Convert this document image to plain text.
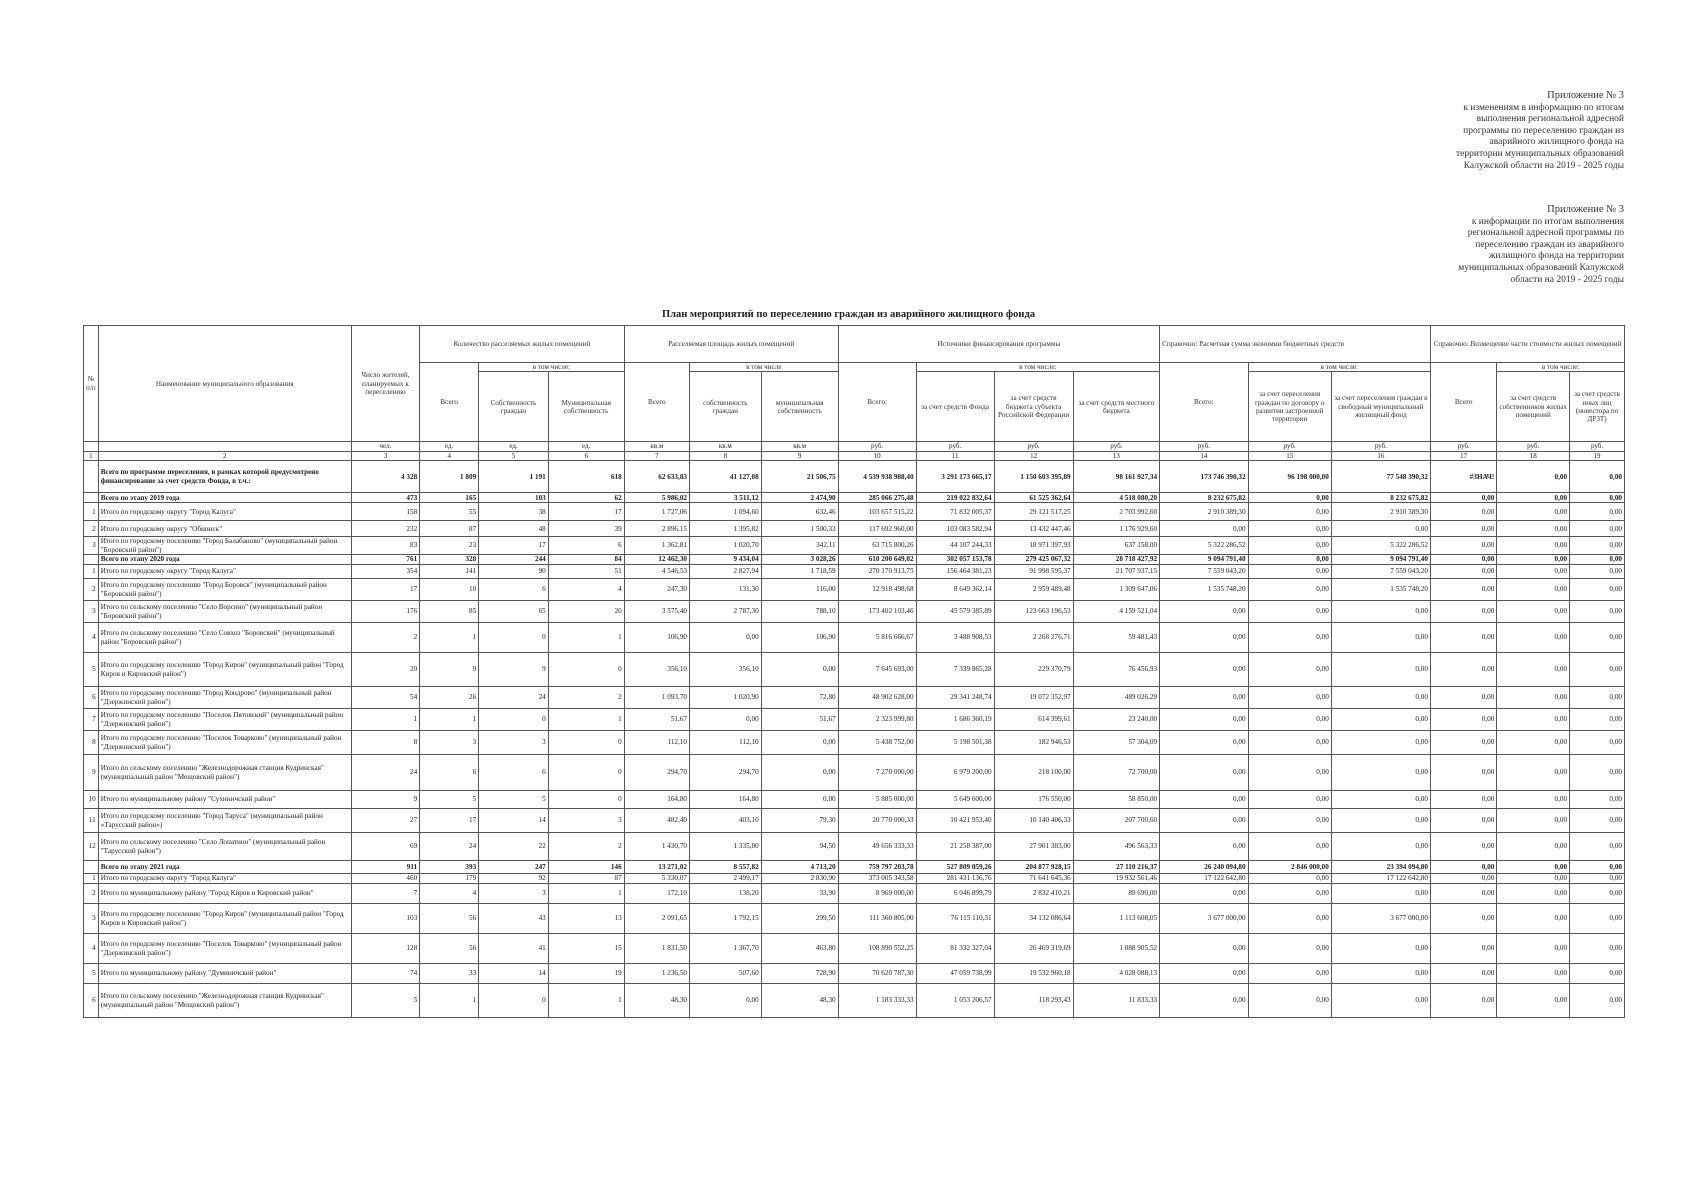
Приложение № 3
к изменениям в информацию по итогам
выполнения региональной адресной
программы по переселению граждан из
аварийного жилищного фонда на
территории муниципальных образований
Калужской области на 2019 - 2025 годы
Приложение № 3
к информации по итогам выполнения
региональной адресной программы по
переселению граждан из аварийного
жилищного фонда на территории
муниципальных образований Калужской
области на 2019 - 2025 годы
План мероприятий по переселению граждан из аварийного жилищного фонда
№ п/п	Наименование муниципального образования	Число жителей, планируемых к переселению	Количество расселяемых жилых помещений			Расселяемая площадь жилых помещений			Источники финансирования программы				Справочно: Расчетная сумма экономии бюджетных средств			Справочно: Возмещение части стоимости жилых помещений		
			Всего	в том числе:		Всего	в том числе		Всего:	в том числе:			Всего:	в том числе:		Всего	в том числе:	
				Собственность граждан	Муниципальная собственность		собственность граждан	муниципальная собственность		за счет средств Фонда	за счет средств бюджета субъекта Российской Федерации	за счет средств местного бюджета		за счет переселения граждан по договору о развитии застроенной территории	за счет переселения граждан в свободный муниципальный жилищный фонд		за счет средств собственников жилых помещений	за счет средств иных лиц (инвестора по ДРЗТ)
		чел.	ед.	ед.	ед.	кв.м	кв.м	кв.м	руб.	руб.	руб.	руб.	руб.	руб.	руб.	руб.	руб.	руб.
1	2	3	4	5	6	7	8	9	10	11	12	13	14	15	16	17	18	19
	Всего по программе переселения, в рамках которой предусмотрено финансирование за счет средств Фонда, в т.ч.:	4 328	1 809	1 191	618	62 633,83	41 127,08	21 506,75	4 539 938 988,40	3 291 173 665,17	1 150 603 395,89	98 161 927,34	173 746 390,32	96 198 000,00	77 548 390,32	#ЗНАЧ!	0,00	0,00
	Всего по этапу 2019 года	473	165	103	62	5 986,02	3 511,12	2 474,90	285 066 275,48	219 022 832,64	61 525 362,64	4 518 080,20	8 232 675,82	0,00	8 232 675,82	0,00	0,00	0,00
1	Итого по городскому округу "Город Калуга"	158	55	38	17	1 727,06	1 094,60	632,46	103 657 515,22	71 832 005,37	29 121 517,25	2 703 992,60	2 910 389,30	0,00	2 910 389,30	0,00	0,00	0,00
2	Итого по городскому округу "Обнинск"	232	87	48	39	2 896,15	1 395,82	1 500,33	117 692 960,00	103 083 582,94	13 432 447,46	1 176 929,60	0,00	0,00	0,00	0,00	0,00	0,00
3	Итого по городскому поселению "Город Балабаново" (муниципальный район "Боровский район")	83	23	17	6	1 362,81	1 020,70	342,11	63 715 800,26	44 107 244,33	18 971 397,93	637 158,00	5 322 286,52	0,00	5 322 286,52	0,00	0,00	0,00
	Всего по этапу 2020 года	761	328	244	84	12 462,30	9 434,04	3 028,26	610 200 649,02	302 057 153,78	279 425 067,32	28 718 427,92	9 094 791,40	0,00	9 094 791,40	0,00	0,00	0,00
1	Итого по городскому округу "Город Калуга"	354	141	90	51	4 546,53	2 827,94	1 718,59	270 170 913,75	156 464 381,23	91 998 595,37	21 707 937,15	7 559 043,20	0,00	7 559 043,20	0,00	0,00	0,00
2	Итого по городскому поселению "Город Боровск" (муниципальный район "Боровский район")	17	10	6	4	247,30	131,30	116,00	12 918 498,68	8 649 362,14	2 959 489,48	1 309 647,06	1 535 748,20	0,00	1 535 748,20	0,00	0,00	0,00
3	Итого по сельскому поселению "Село Ворсино" (муниципальный район "Боровский район")	176	85	65	20	3 575,40	2 787,30	788,10	173 402 103,46	45 579 385,89	123 663 196,53	4 159 521,04	0,00	0,00	0,00	0,00	0,00	0,00
4	Итого по сельскому поселению "Село Совхоз "Боровский" (муниципальный район "Боровский район")	2	1	0	1	106,90	0,00	106,90	5 816 666,67	3 488 908,53	2 268 276,71	59 481,43	0,00	0,00	0,00	0,00	0,00	0,00
5	Итого по городскому поселению "Город Киров" (муниципальный район "Город Киров и Кировский район")	20	9	9	0	356,10	356,10	0,00	7 645 693,00	7 339 865,28	229 370,79	76 456,93	0,00	0,00	0,00	0,00	0,00	0,00
6	Итого по городскому поселению "Город Кондрово" (муниципальный район "Дзержинский район")	54	26	24	2	1 093,70	1 020,90	72,80	48 902 628,00	29 341 248,74	19 072 352,97	489 026,29	0,00	0,00	0,00	0,00	0,00	0,00
7	Итого по городскому поселению "Поселок Пятовский" (муниципальный район "Дзержинский район")	1	1	0	1	51,67	0,00	51,67	2 323 999,80	1 686 360,19	614 399,61	23 240,00	0,00	0,00	0,00	0,00	0,00	0,00
8	Итого по городскому поселению "Поселок Товарково" (муниципальный район "Дзержинский район")	8	3	3	0	112,10	112,10	0,00	5 438 752,00	5 198 501,38	182 946,53	57 304,09	0,00	0,00	0,00	0,00	0,00	0,00
9	Итого по сельскому поселению "Железнодорожная станция Кудринская" (муниципальный район "Мещовский район")	24	6	6	0	294,70	294,70	0,00	7 270 000,00	6 979 200,00	218 100,00	72 700,00	0,00	0,00	0,00	0,00	0,00	0,00
10	Итого по муниципальному району "Сухиничский район"	9	5	5	0	164,80	164,80	0,00	5 885 000,00	5 649 600,00	176 550,00	58 850,00	0,00	0,00	0,00	0,00	0,00	0,00
11	Итого по городскому поселению "Город Таруса" (муниципальный район «Тарусский район»)	27	17	14	3	482,40	403,10	79,30	20 770 000,33	10 421 953,40	10 140 406,33	207 700,60	0,00	0,00	0,00	0,00	0,00	0,00
12	Итого по сельскому поселению "Село Лопатино" (муниципальный район "Тарусский район")	69	24	22	2	1 430,70	1 335,80	94,50	49 656 333,33	21 258 387,00	27 901 383,00	496 563,33	0,00	0,00	0,00	0,00	0,00	0,00
	Всего по этапу 2021 года	911	393	247	146	13 271,02	8 557,82	4 713,20	759 797 203,78	527 809 059,26	204 877 928,15	27 110 216,37	26 240 094,80	2 846 000,00	23 394 094,80	0,00	0,00	0,00
1	Итого по городскому округу "Город Калуга"	460	179	92	87	5 330,07	2 499,17	2 830,90	373 005 343,58	281 431 136,76	71 641 645,36	19 932 561,46	17 122 642,80	0,00	17 122 642,80	0,00	0,00	0,00
2	Итого по муниципальному району "Город Киров и Кировский район"	7	4	3	1	172,10	138,20	33,90	8 969 000,00	6 046 899,79	2 832 410,21	89 690,00	0,00	0,00	0,00	0,00	0,00	0,00
3	Итого по городскому поселению "Город Киров" (муниципальный район "Город Киров и Кировский район")	103	56	43	13	2 091,65	1 792,15	299,50	111 360 805,00	76 115 110,31	34 132 086,64	1 113 608,05	3 677 000,00	0,00	3 677 000,00	0,00	0,00	0,00
4	Итого по городскому поселению "Поселок Товарково" (муниципальный район "Дзержинский район")	128	56	41	15	1 831,50	1 367,70	463,80	108 890 552,25	81 332 327,04	26 469 319,69	1 088 905,52	0,00	0,00	0,00	0,00	0,00	0,00
5	Итого по муниципальному району "Думиничский район"	74	33	14	19	1 236,50	507,60	728,90	70 620 787,30	47 059 738,99	19 532 960,18	4 028 088,13	0,00	0,00	0,00	0,00	0,00	0,00
6	Итого по сельскому поселению "Железнодорожная станция Кудринская" (муниципальный район "Мещовский район")	5	1	0	1	48,30	0,00	48,30	1 183 333,33	1 053 206,57	118 293,43	11 833,33	0,00	0,00	0,00	0,00	0,00	0,00
